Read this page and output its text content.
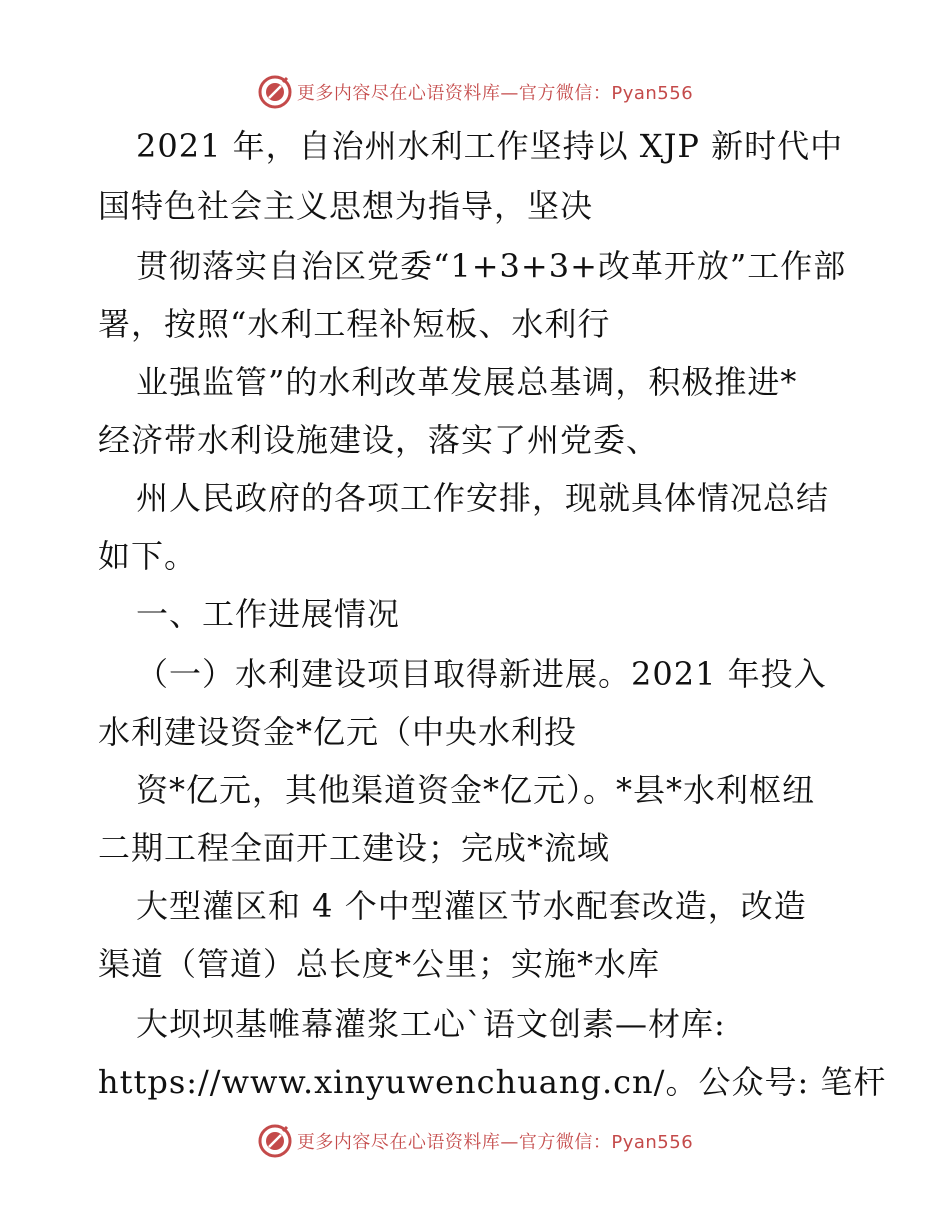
更多内容尽在心语资料库—官方微信：Pyan556
2021 年，自治州水利工作坚持以 XJP 新时代中
国特色社会主义思想为指导，坚决
贯彻落实自治区党委“1+3+3+改革开放”工作部
署，按照“水利工程补短板、水利行
业强监管”的水利改革发展总基调，积极推进*
经济带水利设施建设，落实了州党委、
州人民政府的各项工作安排，现就具体情况总结
如下。
一、工作进展情况
（一）水利建设项目取得新进展。2021 年投入
水利建设资金*亿元（中央水利投
资*亿元，其他渠道资金*亿元）。*县*水利枢纽
二期工程全面开工建设；完成*流域
大型灌区和 4 个中型灌区节水配套改造，改造
渠道（管道）总长度*公里；实施*水库
大坝坝基帷幕灌浆工心`语文创素—材库:
https://www.xinyuwenchuang.cn/。公众号: 笔杆
更多内容尽在心语资料库—官方微信：Pyan556
